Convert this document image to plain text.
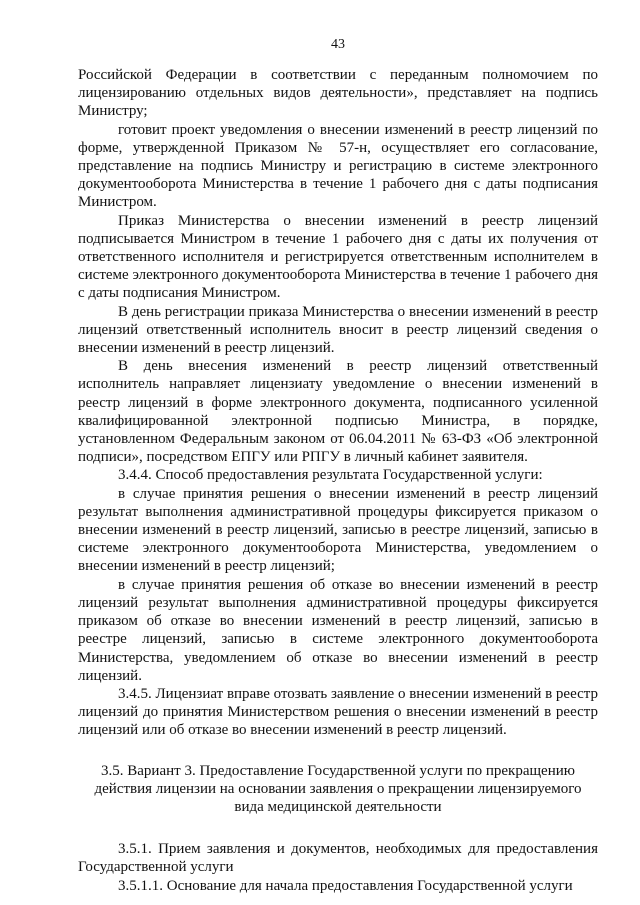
43

Российской Федерации в соответствии с переданным полномочием по лицензированию отдельных видов деятельности», представляет на подпись Министру;

готовит проект уведомления о внесении изменений в реестр лицензий по форме, утвержденной Приказом № 57-н, осуществляет его согласование, представление на подпись Министру и регистрацию в системе электронного документооборота Министерства в течение 1 рабочего дня с даты подписания Министром.

Приказ Министерства о внесении изменений в реестр лицензий подписывается Министром в течение 1 рабочего дня с даты их получения от ответственного исполнителя и регистрируется ответственным исполнителем в системе электронного документооборота Министерства в течение 1 рабочего дня с даты подписания Министром.

В день регистрации приказа Министерства о внесении изменений в реестр лицензий ответственный исполнитель вносит в реестр лицензий сведения о внесении изменений в реестр лицензий.

В день внесения изменений в реестр лицензий ответственный исполнитель направляет лицензиату уведомление о внесении изменений в реестр лицензий в форме электронного документа, подписанного усиленной квалифицированной электронной подписью Министра, в порядке, установленном Федеральным законом от 06.04.2011 № 63-ФЗ «Об электронной подписи», посредством ЕПГУ или РПГУ в личный кабинет заявителя.

3.4.4. Способ предоставления результата Государственной услуги:

в случае принятия решения о внесении изменений в реестр лицензий результат выполнения административной процедуры фиксируется приказом о внесении изменений в реестр лицензий, записью в реестре лицензий, записью в системе электронного документооборота Министерства, уведомлением о внесении изменений в реестр лицензий;

в случае принятия решения об отказе во внесении изменений в реестр лицензий результат выполнения административной процедуры фиксируется приказом об отказе во внесении изменений в реестр лицензий, записью в реестре лицензий, записью в системе электронного документооборота Министерства, уведомлением об отказе во внесении изменений в реестр лицензий.

3.4.5. Лицензиат вправе отозвать заявление о внесении изменений в реестр лицензий до принятия Министерством решения о внесении изменений в реестр лицензий или об отказе во внесении изменений в реестр лицензий.

3.5. Вариант 3. Предоставление Государственной услуги по прекращению
действия лицензии на основании заявления о прекращении лицензируемого
вида медицинской деятельности

3.5.1. Прием заявления и документов, необходимых для предоставления Государственной услуги

3.5.1.1. Основание для начала предоставления Государственной услуги
